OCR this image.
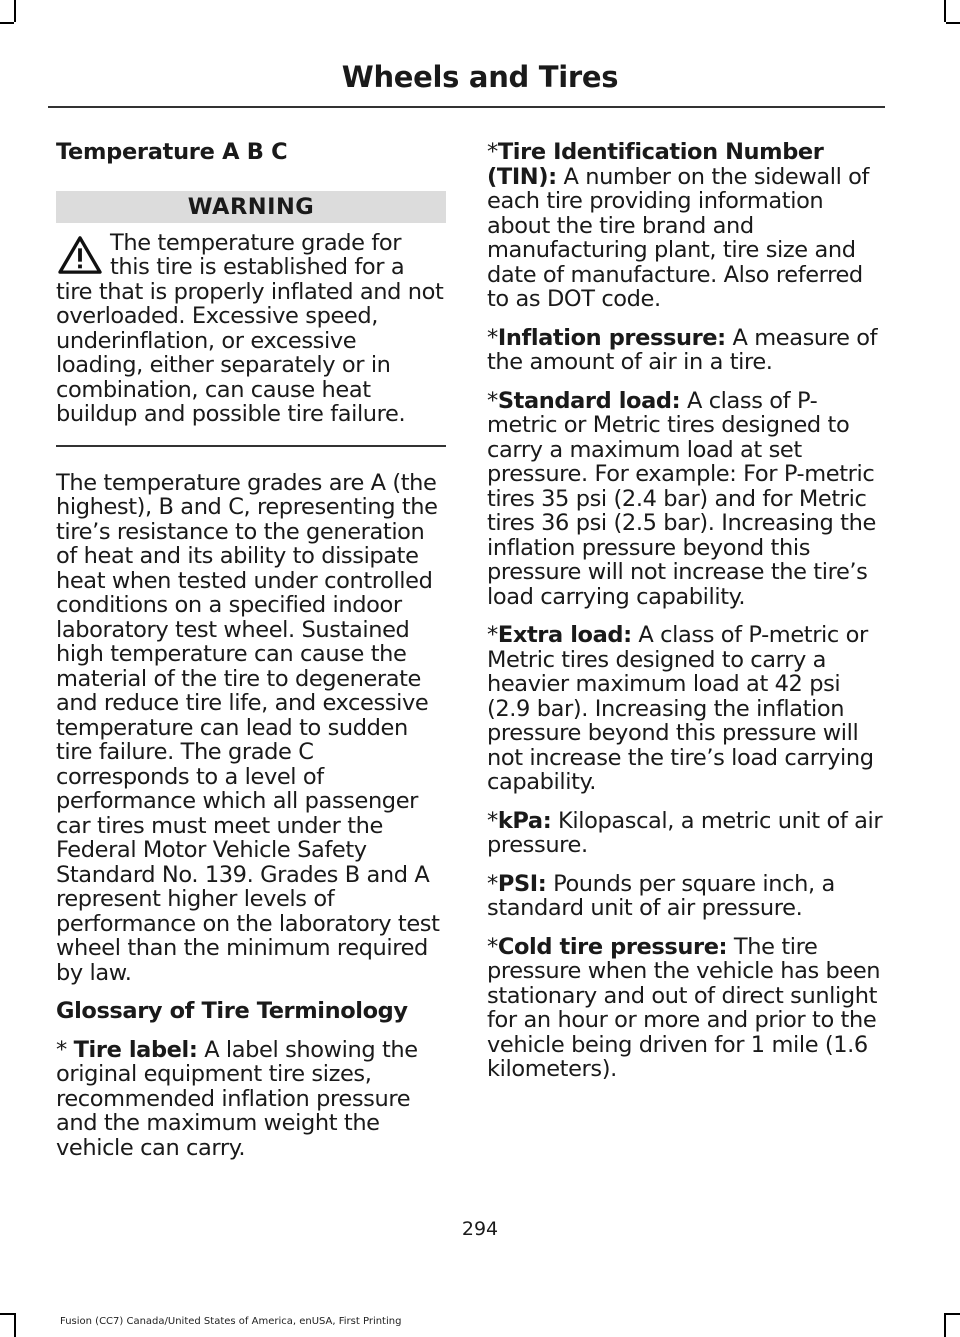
Wheels and Tires
Temperature A B C
WARNING
The temperature grade for this tire is established for a tire that is properly inflated and not overloaded. Excessive speed, underinflation, or excessive loading, either separately or in combination, can cause heat buildup and possible tire failure.

The temperature grades are A (the highest), B and C, representing the tire’s resistance to the generation of heat and its ability to dissipate heat when tested under controlled conditions on a specified indoor laboratory test wheel. Sustained high temperature can cause the material of the tire to degenerate and reduce tire life, and excessive temperature can lead to sudden tire failure. The grade C corresponds to a level of performance which all passenger car tires must meet under the Federal Motor Vehicle Safety Standard No. 139. Grades B and A represent higher levels of performance on the laboratory test wheel than the minimum required by law.

Glossary of Tire Terminology

* Tire label: A label showing the original equipment tire sizes, recommended inflation pressure and the maximum weight the vehicle can carry.

*Tire Identification Number (TIN): A number on the sidewall of each tire providing information about the tire brand and manufacturing plant, tire size and date of manufacture. Also referred to as DOT code.

*Inflation pressure: A measure of the amount of air in a tire.

*Standard load: A class of P-metric or Metric tires designed to carry a maximum load at set pressure. For example: For P-metric tires 35 psi (2.4 bar) and for Metric tires 36 psi (2.5 bar). Increasing the inflation pressure beyond this pressure will not increase the tire’s load carrying capability.

*Extra load: A class of P-metric or Metric tires designed to carry a heavier maximum load at 42 psi (2.9 bar). Increasing the inflation pressure beyond this pressure will not increase the tire’s load carrying capability.

*kPa: Kilopascal, a metric unit of air pressure.

*PSI: Pounds per square inch, a standard unit of air pressure.

*Cold tire pressure: The tire pressure when the vehicle has been stationary and out of direct sunlight for an hour or more and prior to the vehicle being driven for 1 mile (1.6 kilometers).

294
Fusion (CC7) Canada/United States of America, enUSA, First Printing
